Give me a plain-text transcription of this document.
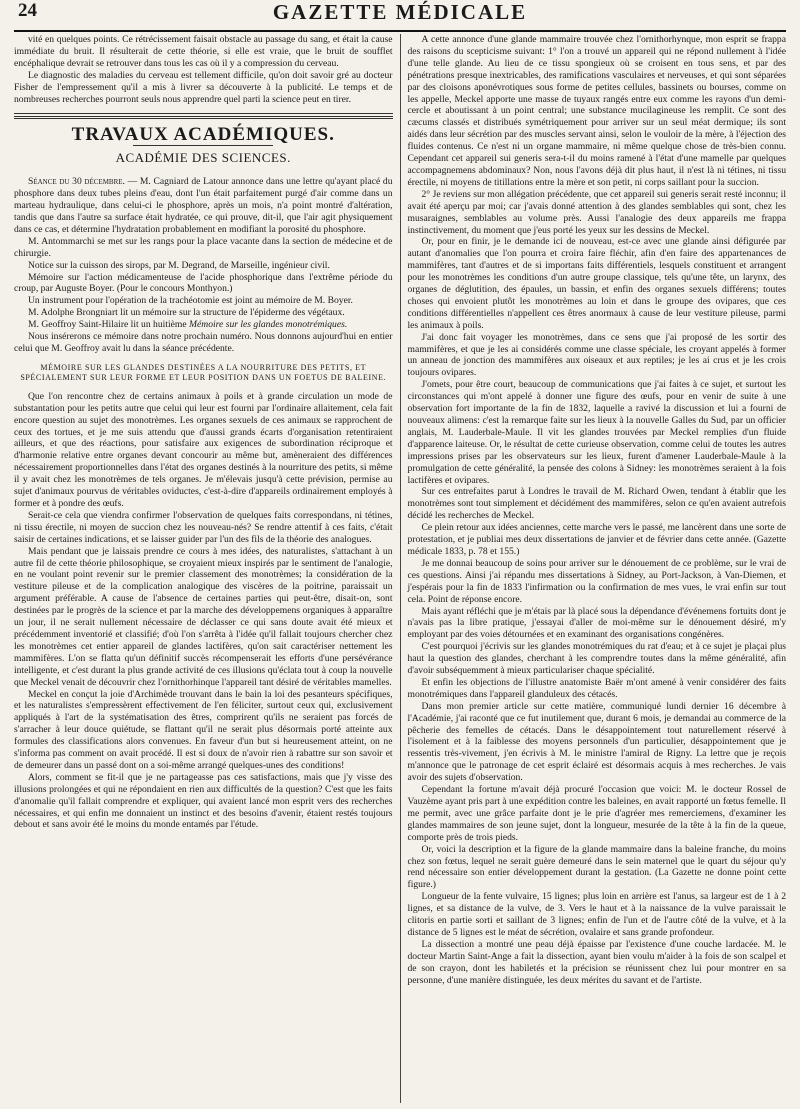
24	GAZETTE MÉDICALE

vité en quelques points. Ce rétrécissement faisait obstacle au passage du sang, et était la cause immédiate du bruit. Il résulterait de cette théorie, si elle est vraie, que le bruit de soufflet encéphalique devrait se retrouver dans tous les cas où il y a compression du cerveau.

Le diagnostic des maladies du cerveau est tellement difficile, qu'on doit savoir gré au docteur Fisher de l'empressement qu'il a mis à livrer sa découverte à la publicité. Le temps et de nombreuses recherches pourront seuls nous apprendre quel parti la science peut en tirer.

TRAVAUX ACADÉMIQUES.
ACADÉMIE DES SCIENCES.

Séance du 30 décembre. — M. Cagniard de Latour annonce dans une lettre qu'ayant placé du phosphore dans deux tubes pleins d'eau, dont l'un était parfaitement purgé d'air comme dans un marteau hydraulique, dans celui-ci le phosphore, après un mois, n'a point montré d'altération, tandis que dans l'autre sa surface était hydratée, ce qui prouve, dit-il, que l'air agit physiquement dans ce cas, et détermine l'hydratation probablement en modifiant la porosité du phosphore.

M. Antommarchi se met sur les rangs pour la place vacante dans la section de médecine et de chirurgie.

Notice sur la cuisson des sirops, par M. Degrand, de Marseille, ingénieur civil.

Mémoire sur l'action médicamenteuse de l'acide phosphorique dans l'extrême période du croup, par Auguste Boyer. (Pour le concours Monthyon.)

Un instrument pour l'opération de la trachéotomie est joint au mémoire de M. Boyer.

M. Adolphe Brongniart lit un mémoire sur la structure de l'épiderme des végétaux.

M. Geoffroy Saint-Hilaire lit un huitième Mémoire sur les glandes monotrémiques.

Nous insérerons ce mémoire dans notre prochain numéro. Nous donnons aujourd'hui en entier celui que M. Geoffroy avait lu dans la séance précédente.

MÉMOIRE SUR LES GLANDES DESTINÉES A LA NOURRITURE DES PETITS, ET SPÉCIALEMENT SUR LEUR FORME ET LEUR POSITION DANS UN FOETUS DE BALEINE.

Que l'on rencontre chez de certains animaux à poils et à grande circulation un mode de substantation pour les petits autre que celui qui leur est fourni par l'ordinaire allaitement, cela fait encore question au sujet des monotrèmes. Les organes sexuels de ces animaux se rapprochent de ceux des tortues, et je me suis attendu que d'aussi grands écarts d'organisation retentiraient ailleurs, et que des réactions, pour satisfaire aux exigences de subordination réciproque et d'harmonie relative entre organes devant concourir au même but, amèneraient des différences nécessairement proportionnelles dans l'état des organes destinés à la nourriture des petits, si même il y avait chez les monotrèmes de tels organes. Je m'élevais jusqu'à cette prévision, permise au sujet d'animaux pourvus de véritables oviductes, c'est-à-dire d'appareils ordinairement employés à former et à pondre des œufs.

Serait-ce cela que viendra confirmer l'observation de quelques faits correspondans, ni tétines, ni tissu érectile, ni moyen de succion chez les nouveau-nés? Se rendre attentif à ces faits, c'était saisir de certaines indications, et se laisser guider par l'un des fils de la théorie des analogues.

Mais pendant que je laissais prendre ce cours à mes idées, des naturalistes, s'attachant à un autre fil de cette théorie philosophique, se croyaient mieux inspirés par le sentiment de l'analogie, en ne voulant point revenir sur le premier classement des monotrèmes; la considération de la vestiture pileuse et de la complication analogique des viscères de la poitrine, paraissait un argument préférable. A cause de l'absence de certaines parties qui peut-être, disait-on, sont destinées par le progrès de la science et par la marche des développemens organiques à apparaître un jour, il ne serait nullement nécessaire de déclasser ce qui sans doute avait été mieux et précédemment inventorié et classifié; d'où l'on s'arrêta à l'idée qu'il fallait toujours chercher chez les monotrèmes cet entier appareil de glandes lactifères, qu'on sait caractériser nettement les mammifères. L'on se flatta qu'un définitif succès récompenserait les efforts d'une persévérance intelligente, et c'est durant la plus grande activité de ces illusions qu'éclata tout à coup la nouvelle que Meckel venait de découvrir chez l'ornithorhinque l'appareil tant désiré de véritables mamelles.

Meckel en conçut la joie d'Archimède trouvant dans le bain la loi des pesanteurs spécifiques, et les naturalistes s'empressèrent effectivement de l'en féliciter, surtout ceux qui, exclusivement appliqués à l'art de la systématisation des êtres, comprirent qu'ils ne seraient pas forcés de s'arracher à leur douce quiétude, se flattant qu'il ne serait plus désormais porté atteinte aux formules des classifications alors convenues. En faveur d'un but si heureusement atteint, on ne s'informa pas comment on avait procédé. Il est si doux de n'avoir rien à rabattre sur son savoir et de demeurer dans un passé dont on a soi-même arrangé quelques-unes des conditions!

Alors, comment se fit-il que je ne partageasse pas ces satisfactions, mais que j'y visse des illusions prolongées et qui ne répondaient en rien aux difficultés de la question? C'est que les faits d'anomalie qu'il fallait comprendre et expliquer, qui avaient lancé mon esprit vers des recherches nécessaires, et qui enfin me donnaient un instinct et des besoins d'avenir, étaient restés toujours debout et sans avoir été le moins du monde entamés par l'étude.

A cette annonce d'une glande mammaire trouvée chez l'ornithorhynque, mon esprit se frappa des raisons du scepticisme suivant: 1° l'on a trouvé un appareil qui ne répond nullement à l'idée d'une telle glande. Au lieu de ce tissu spongieux où se croisent en tous sens, et par des pénétrations presque inextricables, des ramifications vasculaires et nerveuses, et qui sont séparées par des cloisons aponévrotiques sous forme de petites cellules, bassinets ou bourses, comme on les appelle, Meckel apporte une masse de tuyaux rangés entre eux comme les rayons d'un demi-cercle et aboutissant à un point central; une substance mucilagineuse les remplit. Ce sont des cæcums classés et distribués symétriquement pour arriver sur un seul méat dermique; ils sont aidés dans leur sécrétion par des muscles servant ainsi, selon le vouloir de la mère, à l'éjection des fluides contenus. Ce n'est ni un organe mammaire, ni même quelque chose de très-bien connu. Cependant cet appareil sui generis sera-t-il du moins ramené à l'état d'une mamelle par quelques accompagnemens abdominaux? Non, nous l'avons déjà dit plus haut, il n'est là ni tétines, ni tissu érectile, ni moyens de titillations entre la mère et son petit, ni corps saillant pour la succion.

2° Je reviens sur mon allégation précédente, que cet appareil sui generis serait resté inconnu; il avait été aperçu par moi; car j'avais donné attention à des glandes semblables qui sont, chez les musaraignes, semblables au volume près. Aussi l'analogie des deux appareils me frappa instinctivement, du moment que j'eus porté les yeux sur les dessins de Meckel.

Or, pour en finir, je le demande ici de nouveau, est-ce avec une glande ainsi défigurée par autant d'anomalies que l'on pourra et croira faire fléchir, afin d'en faire des appartenances de mammifères, tant d'autres et de si importans faits différentiels, lesquels constituent et arrangent pour les monotrèmes les conditions d'un autre groupe classique, tels qu'une tête, un larynx, des organes de déglutition, des épaules, un bassin, et enfin des organes sexuels différens; toutes choses qui envoient plutôt les monotrèmes au loin et dans le groupe des ovipares, que ces conditions différentielles n'appellent ces êtres anormaux à cause de leur vestiture pileuse, parmi les animaux à poils.

J'ai donc fait voyager les monotrèmes, dans ce sens que j'ai proposé de les sortir des mammifères, et que je les ai considérés comme une classe spéciale, les croyant appelés à former un anneau de jonction des mammifères aux oiseaux et aux reptiles; je les ai crus et je les crois toujours ovipares.

J'omets, pour être court, beaucoup de communications que j'ai faites à ce sujet, et surtout les circonstances qui m'ont appelé à donner une figure des œufs, pour en venir de suite à une observation fort importante de la fin de 1832, laquelle a ravivé la discussion et lui a fourni de nouveaux alimens: c'est la remarque faite sur les lieux à la nouvelle Galles du Sud, par un officier anglais, M. Lauderbale-Maule. Il vit les glandes trouvées par Meckel remplies d'un fluide d'apparence laiteuse. Or, le résultat de cette curieuse observation, comme celui de toutes les autres impressions prises par les observateurs sur les lieux, furent d'amener Lauderbale-Maule à la promulgation de cette généralité, la pensée des colons à Sidney: les monotrèmes seraient à la fois lactifères et ovipares.

Sur ces entrefaites parut à Londres le travail de M. Richard Owen, tendant à établir que les monotrèmes sont tout simplement et décidément des mammifères, selon ce qu'en avaient autrefois décidé les recherches de Meckel.

Ce plein retour aux idées anciennes, cette marche vers le passé, me lancèrent dans une sorte de protestation, et je publiai mes deux dissertations de janvier et de février dans cette année. (Gazette médicale 1833, p. 78 et 155.)

Je me donnai beaucoup de soins pour arriver sur le dénouement de ce problème, sur le vrai de ces questions. Ainsi j'ai répandu mes dissertations à Sidney, au Port-Jackson, à Van-Diemen, et j'espérais pour la fin de 1833 l'infirmation ou la confirmation de mes vues, le vrai enfin sur tout cela. Point de réponse encore.

Mais ayant réfléchi que je m'étais par là placé sous la dépendance d'événemens fortuits dont je n'avais pas la libre pratique, j'essayai d'aller de moi-même sur le dénouement désiré, m'y employant par des voies détournées et en examinant des organisations congénères.

C'est pourquoi j'écrivis sur les glandes monotrémiques du rat d'eau; et à ce sujet je plaçai plus haut la question des glandes, cherchant à les comprendre toutes dans la même généralité, afin d'avoir subséquemment à mieux particulariser chaque spécialité.

Et enfin les objections de l'illustre anatomiste Baër m'ont amené à venir considérer des faits monotrémiques dans l'appareil glanduleux des cétacés.

Dans mon premier article sur cette matière, communiqué lundi dernier 16 décembre à l'Académie, j'ai raconté que ce fut inutilement que, durant 6 mois, je demandai au commerce de la pêcherie des femelles de cétacés. Dans le désappointement tout naturellement réservé à l'isolement et à la faiblesse des moyens personnels d'un particulier, désappointement que je ressentis très-vivement, j'en écrivis à M. le ministre l'amiral de Rigny. La lettre que je reçois m'annonce que le patronage de cet esprit éclairé est désormais acquis à mes recherches. Je vais avoir des sujets d'observation.

Cependant la fortune m'avait déjà procuré l'occasion que voici: M. le docteur Rossel de Vauzème ayant pris part à une expédition contre les baleines, en avait rapporté un fœtus femelle. Il me permit, avec une grâce parfaite dont je le prie d'agréer mes remerciemens, d'examiner les glandes mammaires de son jeune sujet, dont la longueur, mesurée de la tête à la fin de la queue, comporte près de trois pieds.

Or, voici la description et la figure de la glande mammaire dans la baleine franche, du moins chez son fœtus, lequel ne serait guère demeuré dans le sein maternel que le quart du séjour qu'y rend nécessaire son entier développement durant la gestation. (La Gazette ne donne point cette figure.)

Longueur de la fente vulvaire, 15 lignes; plus loin en arrière est l'anus, sa largeur est de 1 à 2 lignes, et sa distance de la vulve, de 3. Vers le haut et à la naissance de la vulve paraissait le clitoris en partie sorti et saillant de 3 lignes; enfin de l'un et de l'autre côté de la vulve, et à la distance de 5 lignes est le méat de sécrétion, ovalaire et sans grande profondeur.

La dissection a montré une peau déjà épaisse par l'existence d'une couche lardacée. M. le docteur Martin Saint-Ange a fait la dissection, ayant bien voulu m'aider à la fois de son scalpel et de son crayon, dont les habiletés et la précision se réunissent chez lui pour montrer en sa personne, d'une manière distinguée, les deux mérites du savant et de l'artiste.
